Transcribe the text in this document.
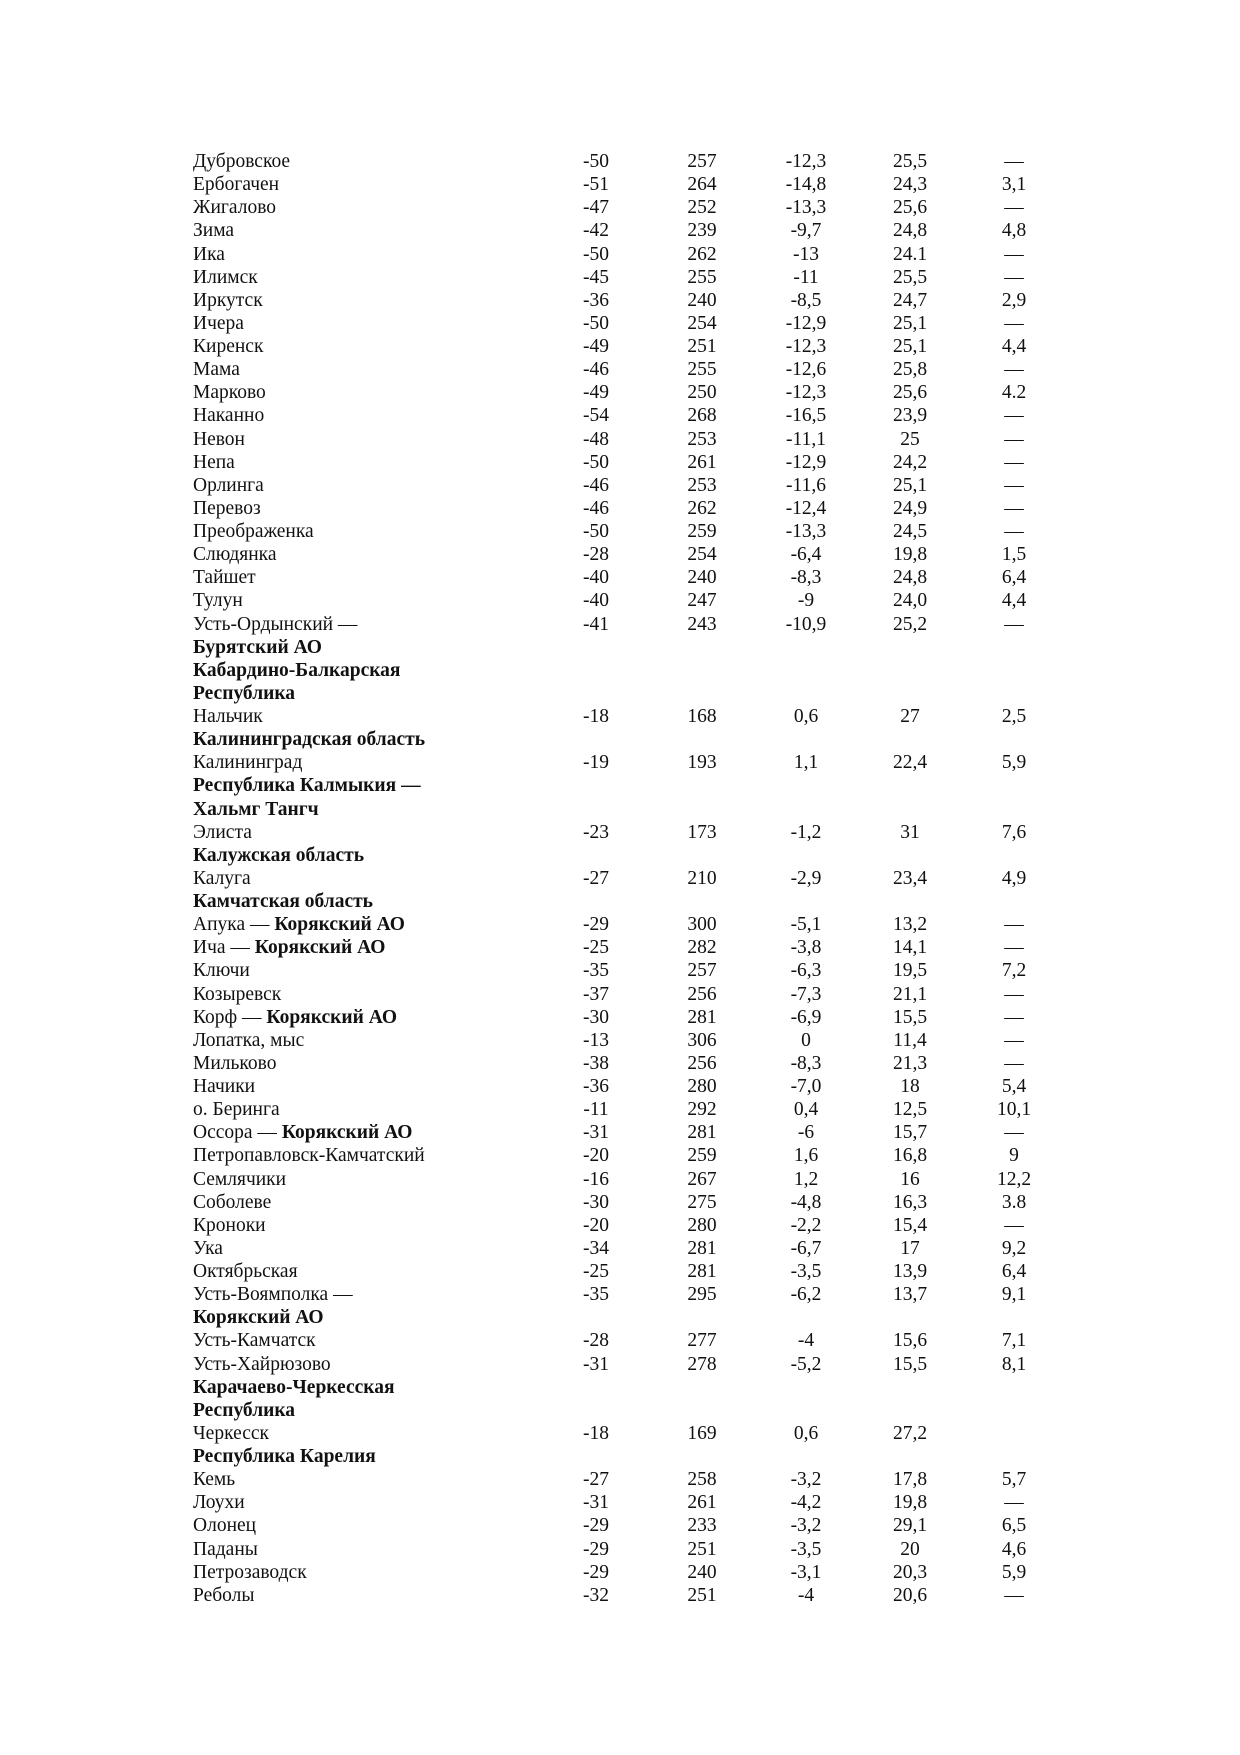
Дубровское	-50	257	-12,3	25,5	—
Ербогачен	-51	264	-14,8	24,3	3,1
Жигалово	-47	252	-13,3	25,6	—
Зима	-42	239	-9,7	24,8	4,8
Ика	-50	262	-13	24.1	—
Илимск	-45	255	-11	25,5	—
Иркутск	-36	240	-8,5	24,7	2,9
Ичера	-50	254	-12,9	25,1	—
Киренск	-49	251	-12,3	25,1	4,4
Мама	-46	255	-12,6	25,8	—
Марково	-49	250	-12,3	25,6	4.2
Наканно	-54	268	-16,5	23,9	—
Невон	-48	253	-11,1	25	—
Непа	-50	261	-12,9	24,2	—
Орлинга	-46	253	-11,6	25,1	—
Перевоз	-46	262	-12,4	24,9	—
Преображенка	-50	259	-13,3	24,5	—
Слюдянка	-28	254	-6,4	19,8	1,5
Тайшет	-40	240	-8,3	24,8	6,4
Тулун	-40	247	-9	24,0	4,4
Усть-Ордынский —	-41	243	-10,9	25,2	—
Бурятский АО					
Кабардино-Балкарская					
Республика					
Нальчик	-18	168	0,6	27	2,5
Калининградская область					
Калининград	-19	193	1,1	22,4	5,9
Республика Калмыкия —					
Хальмг Тангч					
Элиста	-23	173	-1,2	31	7,6
Калужская область					
Калуга	-27	210	-2,9	23,4	4,9
Камчатская область					
Апука — Корякский АО	-29	300	-5,1	13,2	—
Ича — Корякский АО	-25	282	-3,8	14,1	—
Ключи	-35	257	-6,3	19,5	7,2
Козыревск	-37	256	-7,3	21,1	—
Корф — Корякский АО	-30	281	-6,9	15,5	—
Лопатка, мыс	-13	306	0	11,4	—
Мильково	-38	256	-8,3	21,3	—
Начики	-36	280	-7,0	18	5,4
о. Беринга	-11	292	0,4	12,5	10,1
Оссора — Корякский АО	-31	281	-6	15,7	—
Петропавловск-Камчатский	-20	259	1,6	16,8	9
Семлячики	-16	267	1,2	16	12,2
Соболеве	-30	275	-4,8	16,3	3.8
Кроноки	-20	280	-2,2	15,4	—
Ука	-34	281	-6,7	17	9,2
Октябрьская	-25	281	-3,5	13,9	6,4
Усть-Воямполка —	-35	295	-6,2	13,7	9,1
Корякский АО					
Усть-Камчатск	-28	277	-4	15,6	7,1
Усть-Хайрюзово	-31	278	-5,2	15,5	8,1
Карачаево-Черкесская					
Республика					
Черкесск	-18	169	0,6	27,2	
Республика Карелия					
Кемь	-27	258	-3,2	17,8	5,7
Лоухи	-31	261	-4,2	19,8	—
Олонец	-29	233	-3,2	29,1	6,5
Паданы	-29	251	-3,5	20	4,6
Петрозаводск	-29	240	-3,1	20,3	5,9
Реболы	-32	251	-4	20,6	—
